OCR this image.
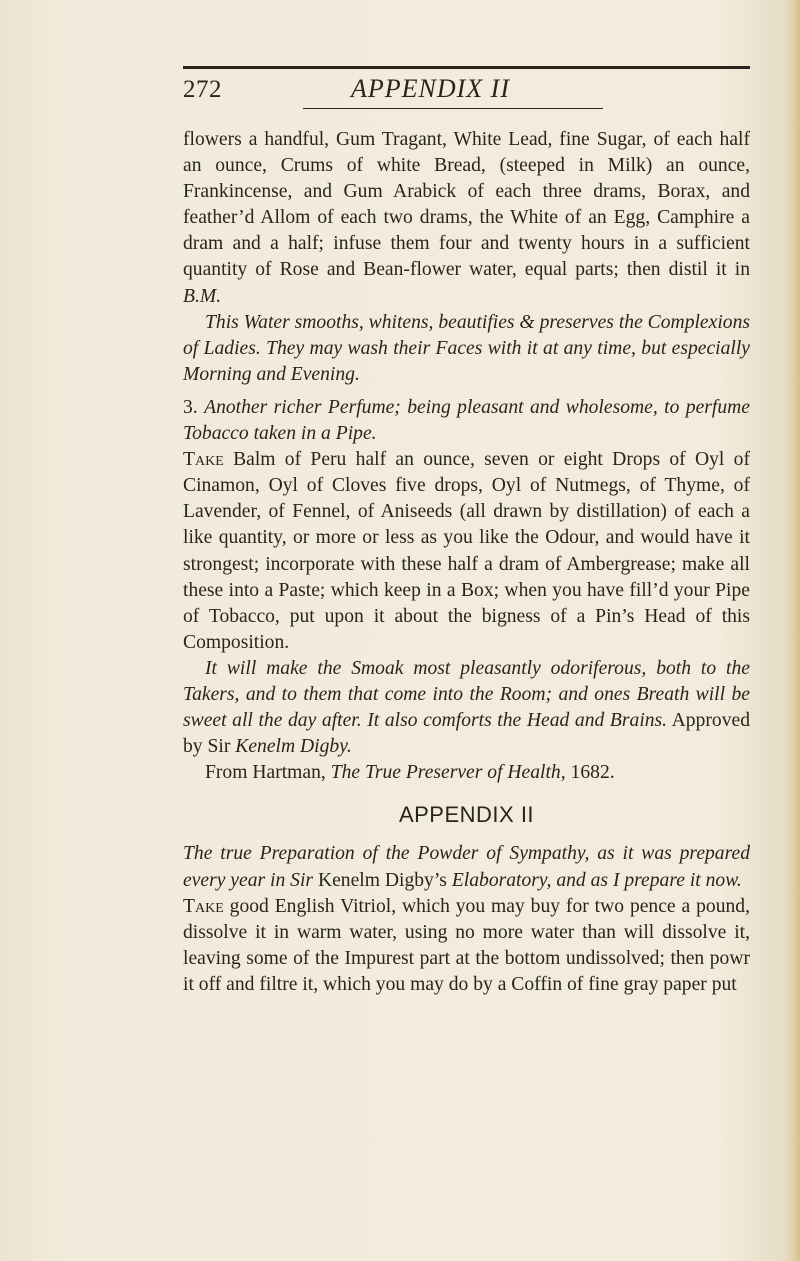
272	APPENDIX II

flowers a handful, Gum Tragant, White Lead, fine Sugar, of each half an ounce, Crums of white Bread, (steeped in Milk) an ounce, Frankincense, and Gum Arabick of each three drams, Borax, and feather’d Allom of each two drams, the White of an Egg, Camphire a dram and a half; infuse them four and twenty hours in a sufficient quantity of Rose and Bean-flower water, equal parts; then distil it in B.M.

This Water smooths, whitens, beautifies & preserves the Complexions of Ladies. They may wash their Faces with it at any time, but especially Morning and Evening.

3. Another richer Perfume; being pleasant and wholesome, to perfume Tobacco taken in a Pipe.

Take Balm of Peru half an ounce, seven or eight Drops of Oyl of Cinamon, Oyl of Cloves five drops, Oyl of Nutmegs, of Thyme, of Lavender, of Fennel, of Aniseeds (all drawn by distillation) of each a like quantity, or more or less as you like the Odour, and would have it strongest; incorporate with these half a dram of Ambergrease; make all these into a Paste; which keep in a Box; when you have fill’d your Pipe of Tobacco, put upon it about the bigness of a Pin’s Head of this Composition.

It will make the Smoak most pleasantly odoriferous, both to the Takers, and to them that come into the Room; and ones Breath will be sweet all the day after. It also comforts the Head and Brains. Approved by Sir Kenelm Digby.

From Hartman, The True Preserver of Health, 1682.

APPENDIX II

The true Preparation of the Powder of Sympathy, as it was prepared every year in Sir Kenelm Digby’s Elaboratory, and as I prepare it now.

Take good English Vitriol, which you may buy for two pence a pound, dissolve it in warm water, using no more water than will dissolve it, leaving some of the Impurest part at the bottom undissolved; then powr it off and filtre it, which you may do by a Coffin of fine gray paper put
